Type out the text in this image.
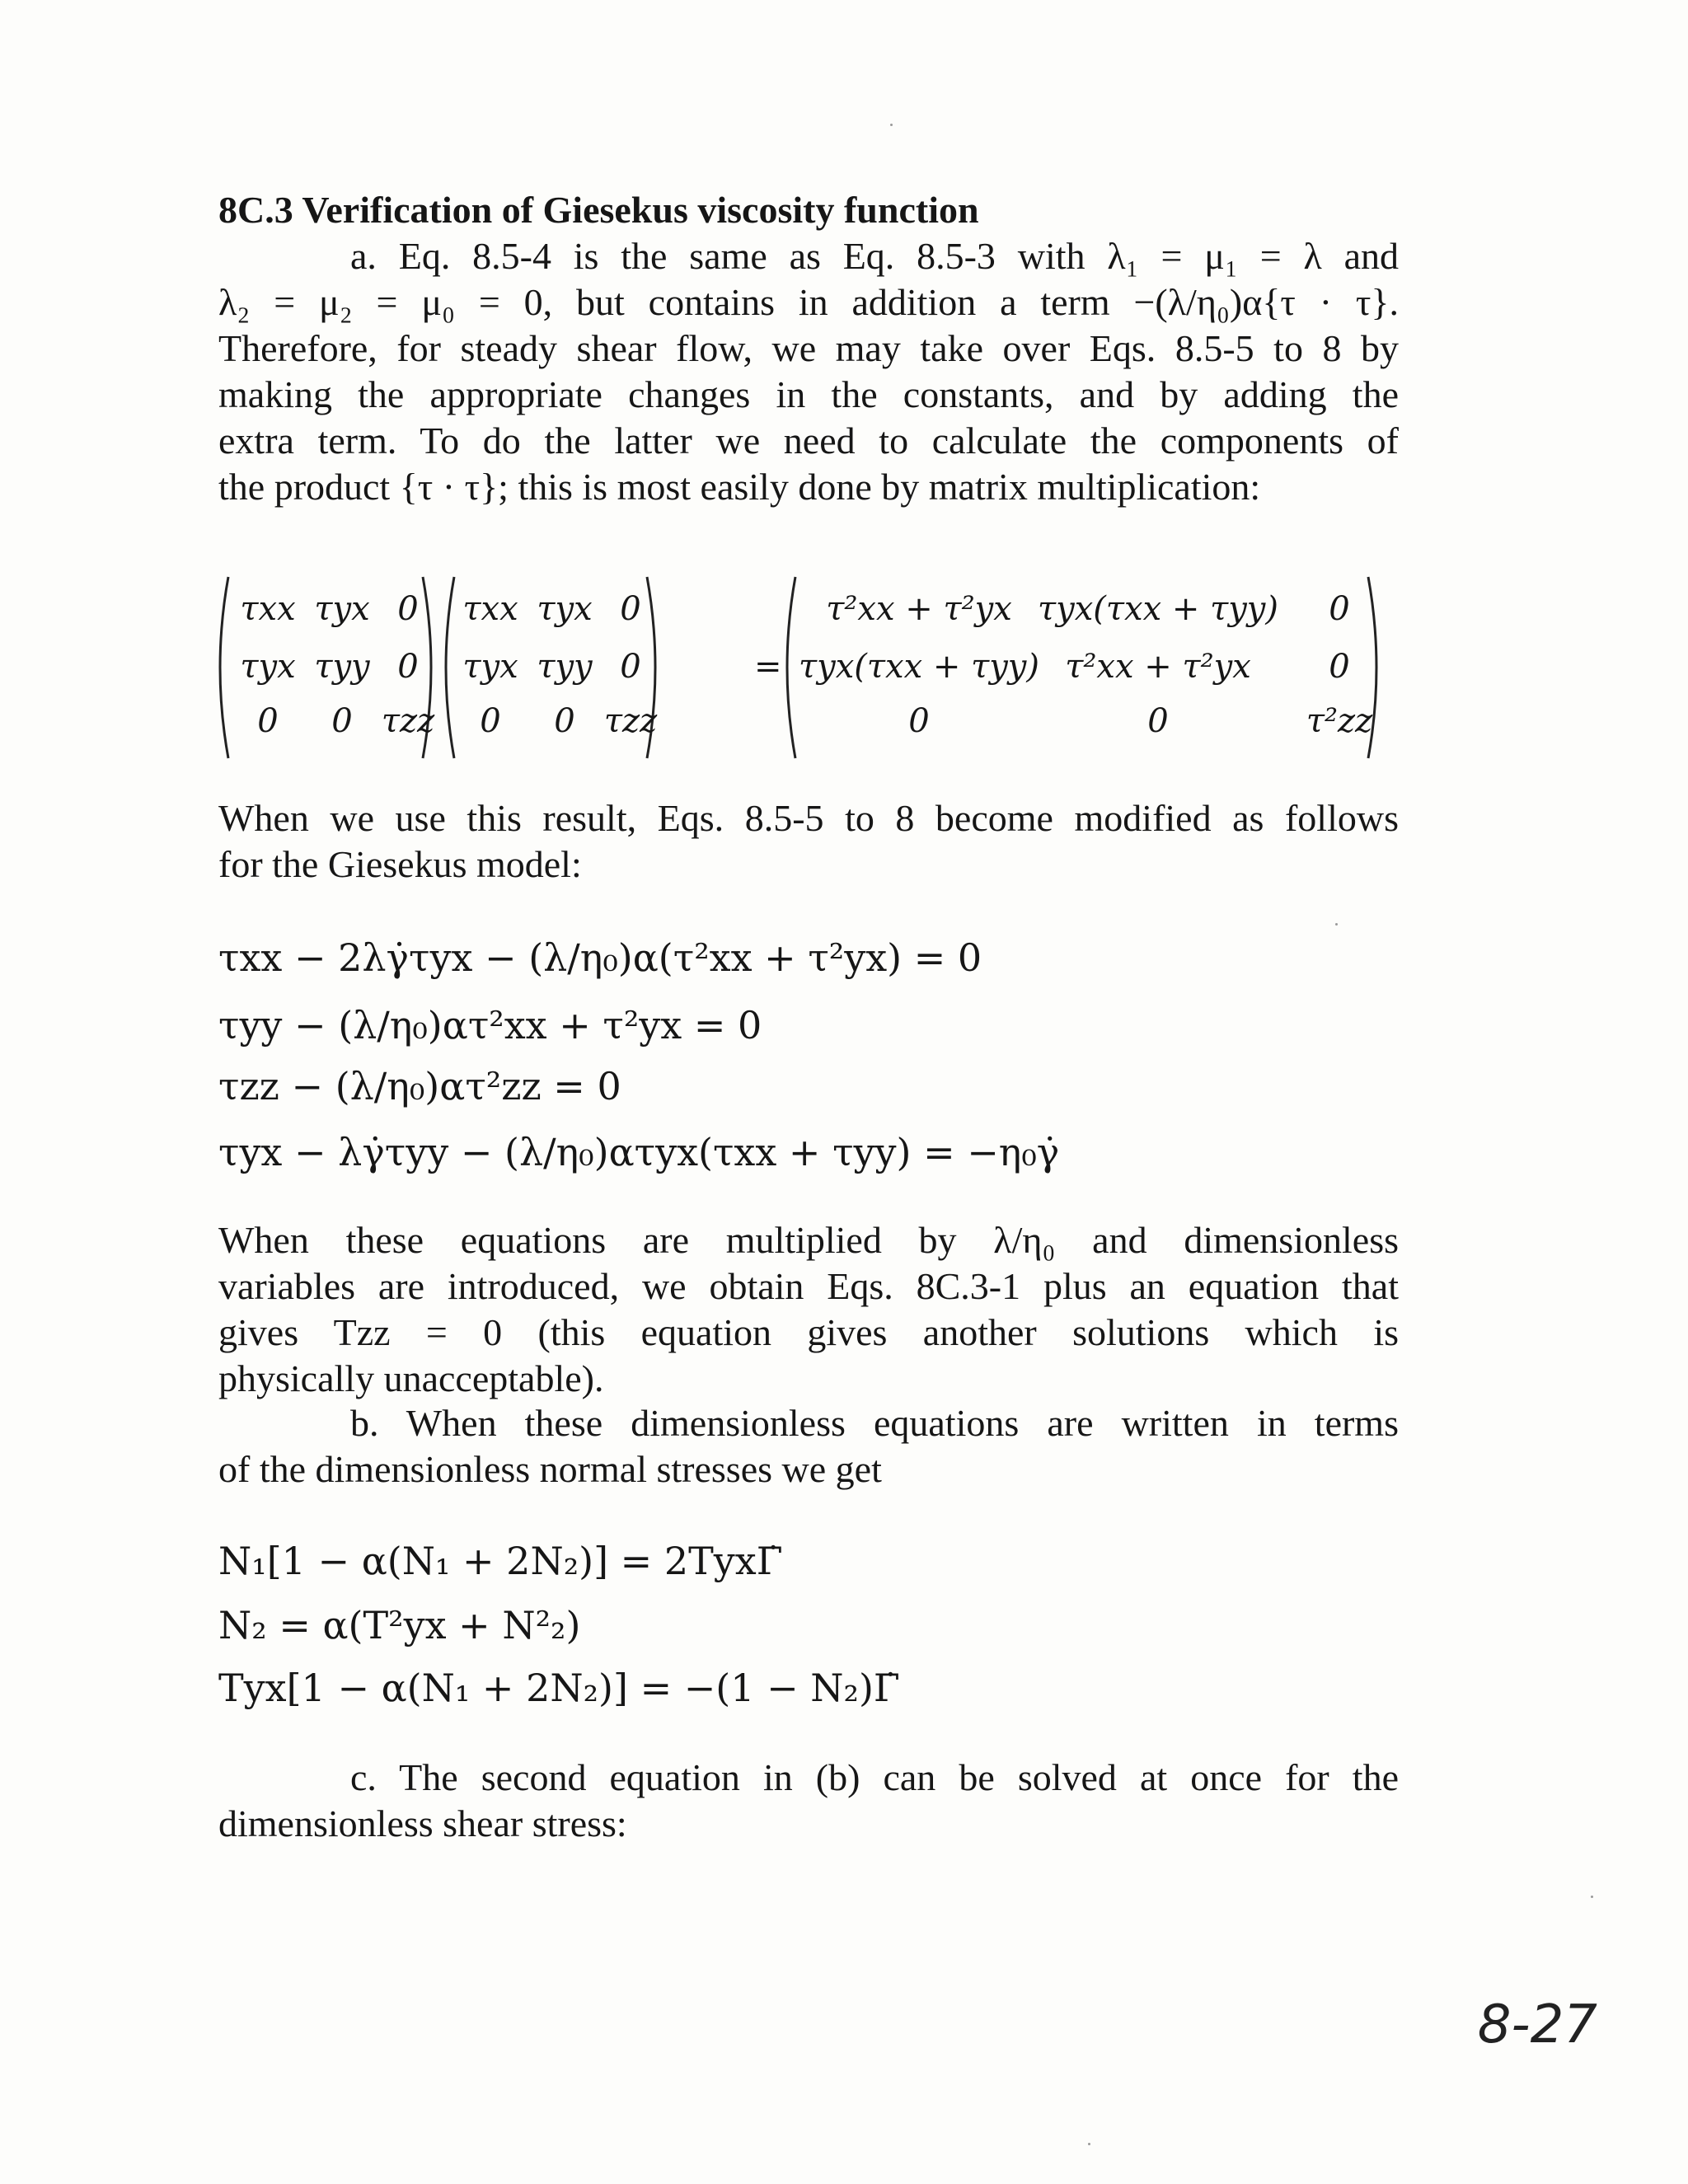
8C.3 Verification of Giesekus viscosity function
a. Eq. 8.5-4 is the same as Eq. 8.5-3 with λ₁ = μ₁ = λ and
λ₂ = μ₂ = μ₀ = 0, but contains in addition a term −(λ/η₀)α{τ · τ}.
Therefore, for steady shear flow, we may take over Eqs. 8.5-5 to 8 by
making the appropriate changes in the constants, and by adding the
extra term. To do the latter we need to calculate the components of
the product {τ · τ}; this is most easily done by matrix multiplication:
τxx τyx 0
τyx τyy 0
0 0 τzz
τxx τyx 0
τyx τyy 0
0 0 τzz
=
τ²xx + τ²yx τyx(τxx + τyy) 0
τyx(τxx + τyy) τ²xx + τ²yx 0
0	0	τ²zz
When we use this result, Eqs. 8.5-5 to 8 become modified as follows
for the Giesekus model:
τxx − 2λγ̇τyx − (λ/η₀)α(τ²xx + τ²yx) = 0
τyy − (λ/η₀)ατ²xx + τ²yx = 0
τzz − (λ/η₀)ατ²zz = 0
τyx − λγ̇τyy − (λ/η₀)ατyx(τxx + τyy) = −η₀γ̇
When these equations are multiplied by λ/η₀ and dimensionless
variables are introduced, we obtain Eqs. 8C.3-1 plus an equation that
gives Tzz = 0 (this equation gives another solutions which is
physically unacceptable).
b. When these dimensionless equations are written in terms
of the dimensionless normal stresses we get
N₁[1 − α(N₁ + 2N₂)] = 2TyxΓ̇
N₂ = α(T²yx + N²₂)
Tyx[1 − α(N₁ + 2N₂)] = −(1 − N₂)Γ̇
c. The second equation in (b) can be solved at once for the
dimensionless shear stress:
8-27
